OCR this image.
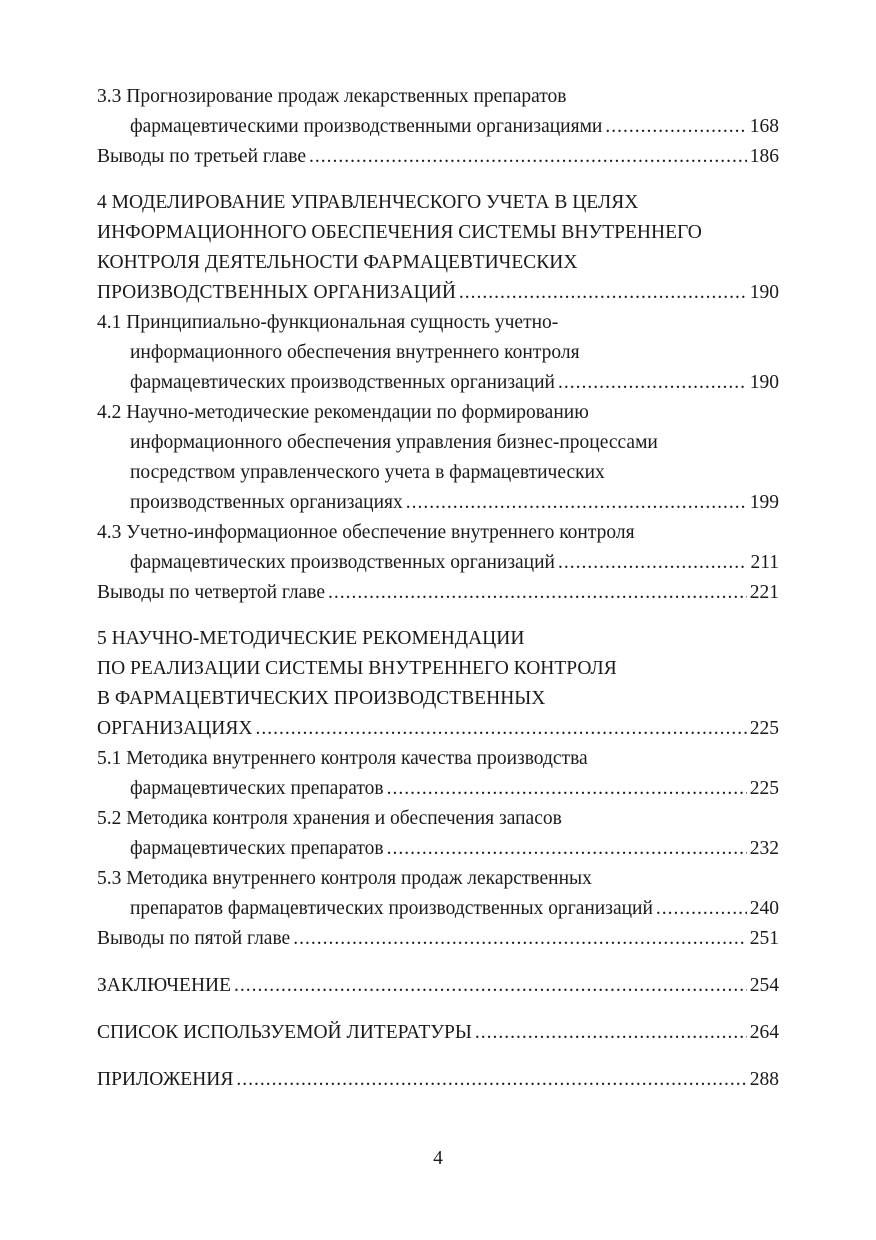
3.3 Прогнозирование продаж лекарственных препаратов
фармацевтическими производственными организациями .....	168
Выводы по третьей главе .....	186
4 МОДЕЛИРОВАНИЕ УПРАВЛЕНЧЕСКОГО УЧЕТА В ЦЕЛЯХ
ИНФОРМАЦИОННОГО ОБЕСПЕЧЕНИЯ СИСТЕМЫ ВНУТРЕННЕГО
КОНТРОЛЯ ДЕЯТЕЛЬНОСТИ ФАРМАЦЕВТИЧЕСКИХ
ПРОИЗВОДСТВЕННЫХ ОРГАНИЗАЦИЙ .....	190
4.1 Принципиально-функциональная сущность учетно-
информационного обеспечения внутреннего контроля
фармацевтических производственных организаций .....	190
4.2 Научно-методические рекомендации по формированию
информационного обеспечения управления бизнес-процессами
посредством управленческого учета в фармацевтических
производственных организациях .....	199
4.3 Учетно-информационное обеспечение внутреннего контроля
фармацевтических производственных организаций .....	211
Выводы по четвертой главе .....	221
5 НАУЧНО-МЕТОДИЧЕСКИЕ РЕКОМЕНДАЦИИ
ПО РЕАЛИЗАЦИИ СИСТЕМЫ ВНУТРЕННЕГО КОНТРОЛЯ
В ФАРМАЦЕВТИЧЕСКИХ ПРОИЗВОДСТВЕННЫХ
ОРГАНИЗАЦИЯХ .....	225
5.1 Методика внутреннего контроля качества производства
фармацевтических препаратов .....	225
5.2 Методика контроля хранения и обеспечения запасов
фармацевтических препаратов .....	232
5.3 Методика внутреннего контроля продаж лекарственных
препаратов фармацевтических производственных организаций .....	240
Выводы по пятой главе .....	251
ЗАКЛЮЧЕНИЕ .....	254
СПИСОК ИСПОЛЬЗУЕМОЙ ЛИТЕРАТУРЫ .....	264
ПРИЛОЖЕНИЯ .....	288
4
